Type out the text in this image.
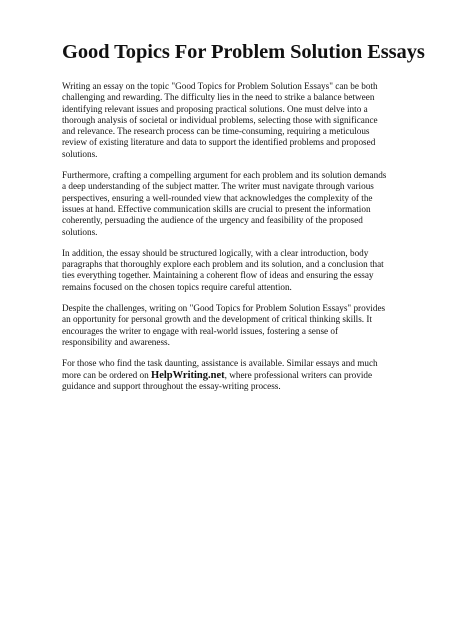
Good Topics For Problem Solution Essays

Writing an essay on the topic "Good Topics for Problem Solution Essays" can be both challenging and rewarding. The difficulty lies in the need to strike a balance between identifying relevant issues and proposing practical solutions. One must delve into a thorough analysis of societal or individual problems, selecting those with significance and relevance. The research process can be time-consuming, requiring a meticulous review of existing literature and data to support the identified problems and proposed solutions.

Furthermore, crafting a compelling argument for each problem and its solution demands a deep understanding of the subject matter. The writer must navigate through various perspectives, ensuring a well-rounded view that acknowledges the complexity of the issues at hand. Effective communication skills are crucial to present the information coherently, persuading the audience of the urgency and feasibility of the proposed solutions.

In addition, the essay should be structured logically, with a clear introduction, body paragraphs that thoroughly explore each problem and its solution, and a conclusion that ties everything together. Maintaining a coherent flow of ideas and ensuring the essay remains focused on the chosen topics require careful attention.

Despite the challenges, writing on "Good Topics for Problem Solution Essays" provides an opportunity for personal growth and the development of critical thinking skills. It encourages the writer to engage with real-world issues, fostering a sense of responsibility and awareness.

For those who find the task daunting, assistance is available. Similar essays and much more can be ordered on HelpWriting.net, where professional writers can provide guidance and support throughout the essay-writing process.
